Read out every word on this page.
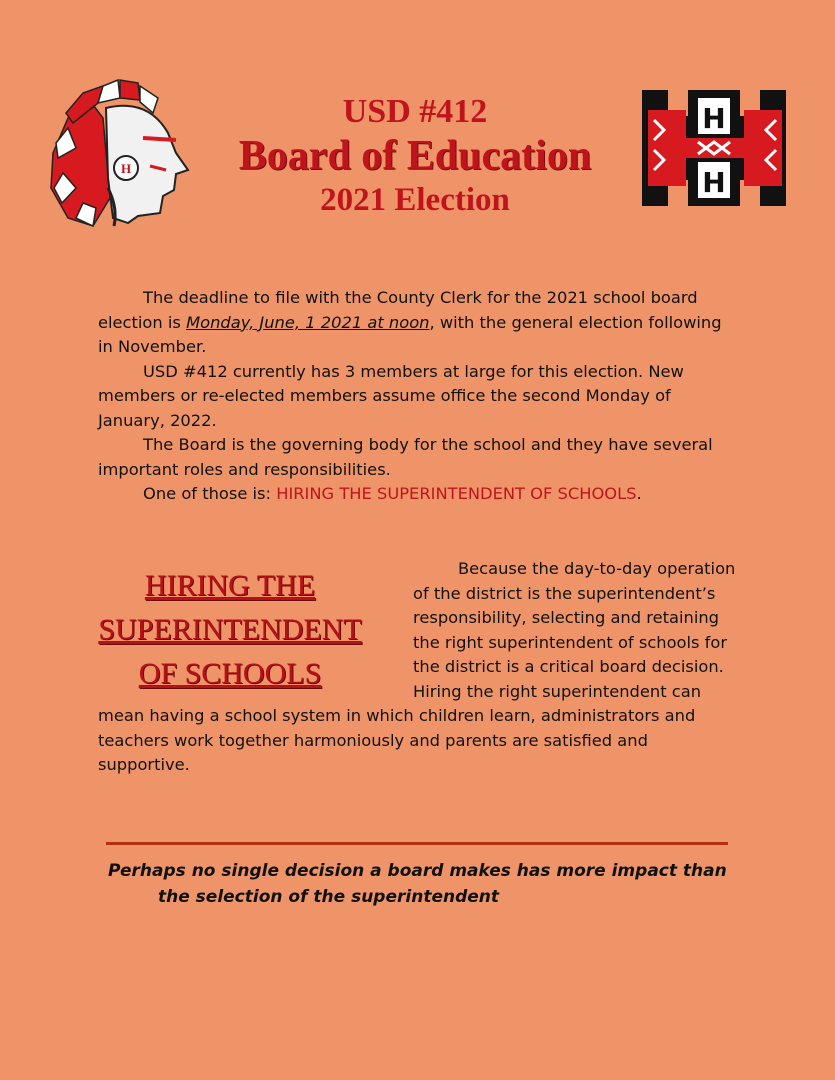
H
USD #412
Board of Education
2021 Election
H
H

The deadline to file with the County Clerk for the 2021 school board election is Monday, June, 1 2021 at noon, with the general election following in November.

USD #412 currently has 3 members at large for this election. New members or re-elected members assume office the second Monday of January, 2022.

The Board is the governing body for the school and they have several important roles and responsibilities.

One of those is: HIRING THE SUPERINTENDENT OF SCHOOLS.

HIRING THE
SUPERINTENDENT
OF SCHOOLS

Because the day-to-day operation of the district is the superintendent’s responsibility, selecting and retaining the right superintendent of schools for the district is a critical board decision. Hiring the right superintendent can mean having a school system in which children learn, administrators and teachers work together harmoniously and parents are satisfied and supportive.

Perhaps no single decision a board makes has more impact than
the selection of the superintendent
